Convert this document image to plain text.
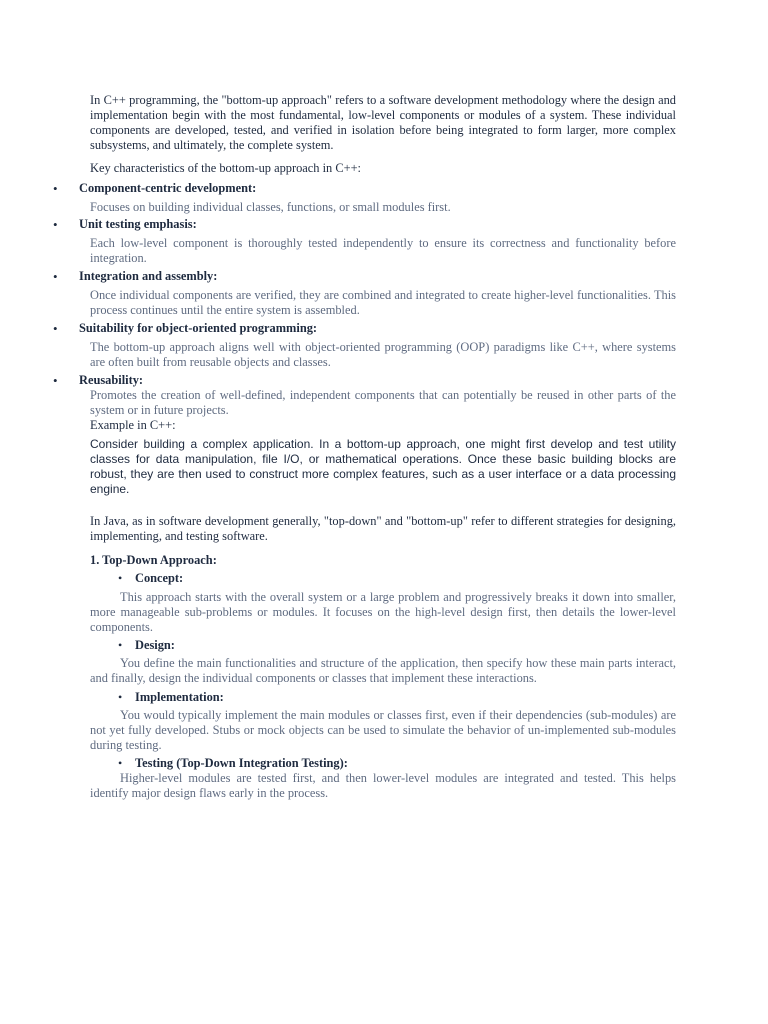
In C++ programming, the "bottom-up approach" refers to a software development methodology where the design and implementation begin with the most fundamental, low-level components or modules of a system. These individual components are developed, tested, and verified in isolation before being integrated to form larger, more complex subsystems, and ultimately, the complete system.

Key characteristics of the bottom-up approach in C++:

• Component-centric development:

Focuses on building individual classes, functions, or small modules first.

• Unit testing emphasis:

Each low-level component is thoroughly tested independently to ensure its correctness and functionality before integration.

• Integration and assembly:

Once individual components are verified, they are combined and integrated to create higher-level functionalities. This process continues until the entire system is assembled.

• Suitability for object-oriented programming:

The bottom-up approach aligns well with object-oriented programming (OOP) paradigms like C++, where systems are often built from reusable objects and classes.

• Reusability:

Promotes the creation of well-defined, independent components that can potentially be reused in other parts of the system or in future projects.

Example in C++:

Consider building a complex application. In a bottom-up approach, one might first develop and test utility classes for data manipulation, file I/O, or mathematical operations. Once these basic building blocks are robust, they are then used to construct more complex features, such as a user interface or a data processing engine.

In Java, as in software development generally, "top-down" and "bottom-up" refer to different strategies for designing, implementing, and testing software.

1. Top-Down Approach:

• Concept:

This approach starts with the overall system or a large problem and progressively breaks it down into smaller, more manageable sub-problems or modules. It focuses on the high-level design first, then details the lower-level components.

• Design:

You define the main functionalities and structure of the application, then specify how these main parts interact, and finally, design the individual components or classes that implement these interactions.

• Implementation:

You would typically implement the main modules or classes first, even if their dependencies (sub-modules) are not yet fully developed. Stubs or mock objects can be used to simulate the behavior of un-implemented sub-modules during testing.

• Testing (Top-Down Integration Testing):

Higher-level modules are tested first, and then lower-level modules are integrated and tested. This helps identify major design flaws early in the process.
